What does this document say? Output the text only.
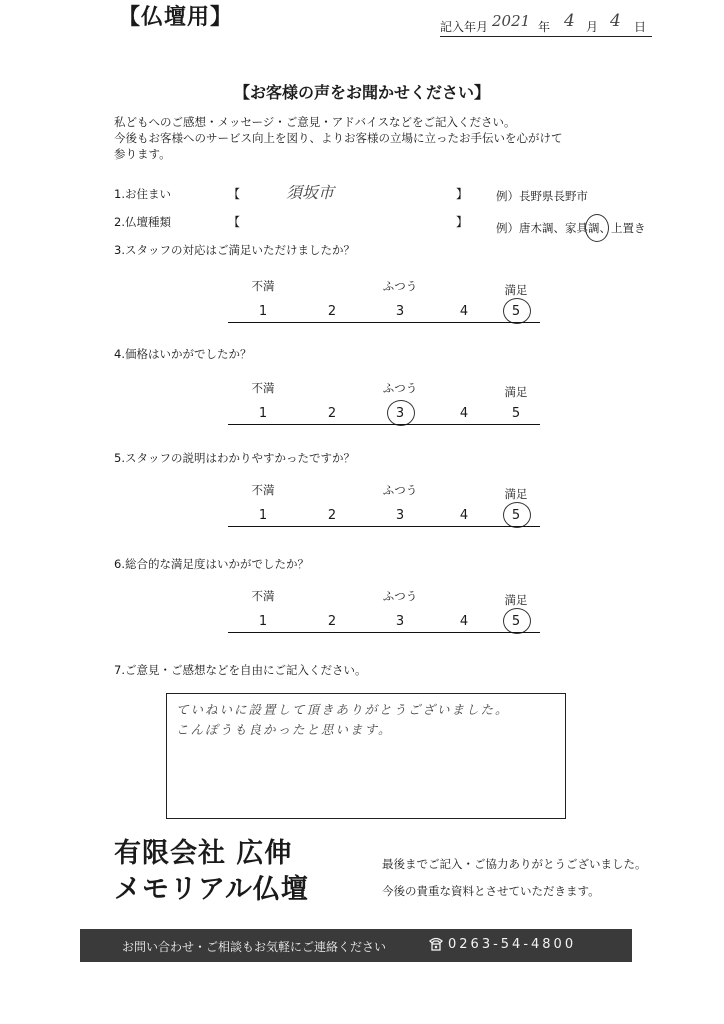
【仏壇用】	記入年月 2021 年 4 月 4 日
【お客様の声をお聞かせください】
私どもへのご感想・メッセージ・ご意見・アドバイスなどをご記入ください。
今後もお客様へのサービス向上を図り、よりお客様の立場に立ったお手伝いを心がけて
参ります。
1.お住まい	【	須坂市	】 例）長野県長野市
2.仏壇種類	【	】 例）唐木調、家具調
、上置き
3.スタッフの対応はご満足いただけましたか？
不満	ふつう	満足
1	2	3	4	5
4.価格はいかがでしたか？
不満	ふつう	満足
1	2	3	4	5
5.スタッフの説明はわかりやすかったですか？
不満	ふつう	満足
1	2	3	4	5
6.総合的な満足度はいかがでしたか？
不満	ふつう	満足
1	2	3	4	5
7.ご意見・ご感想などを自由にご記入ください。
ていねいに設置して頂きありがとうございました。
こんぽうも良かったと思います。
有限会社 広伸
メモリアル仏壇
最後までご記入・ご協力ありがとうございました。
今後の貴重な資料とさせていただきます。
お問い合わせ・ご相談もお気軽にご連絡ください	0263-54-4800
